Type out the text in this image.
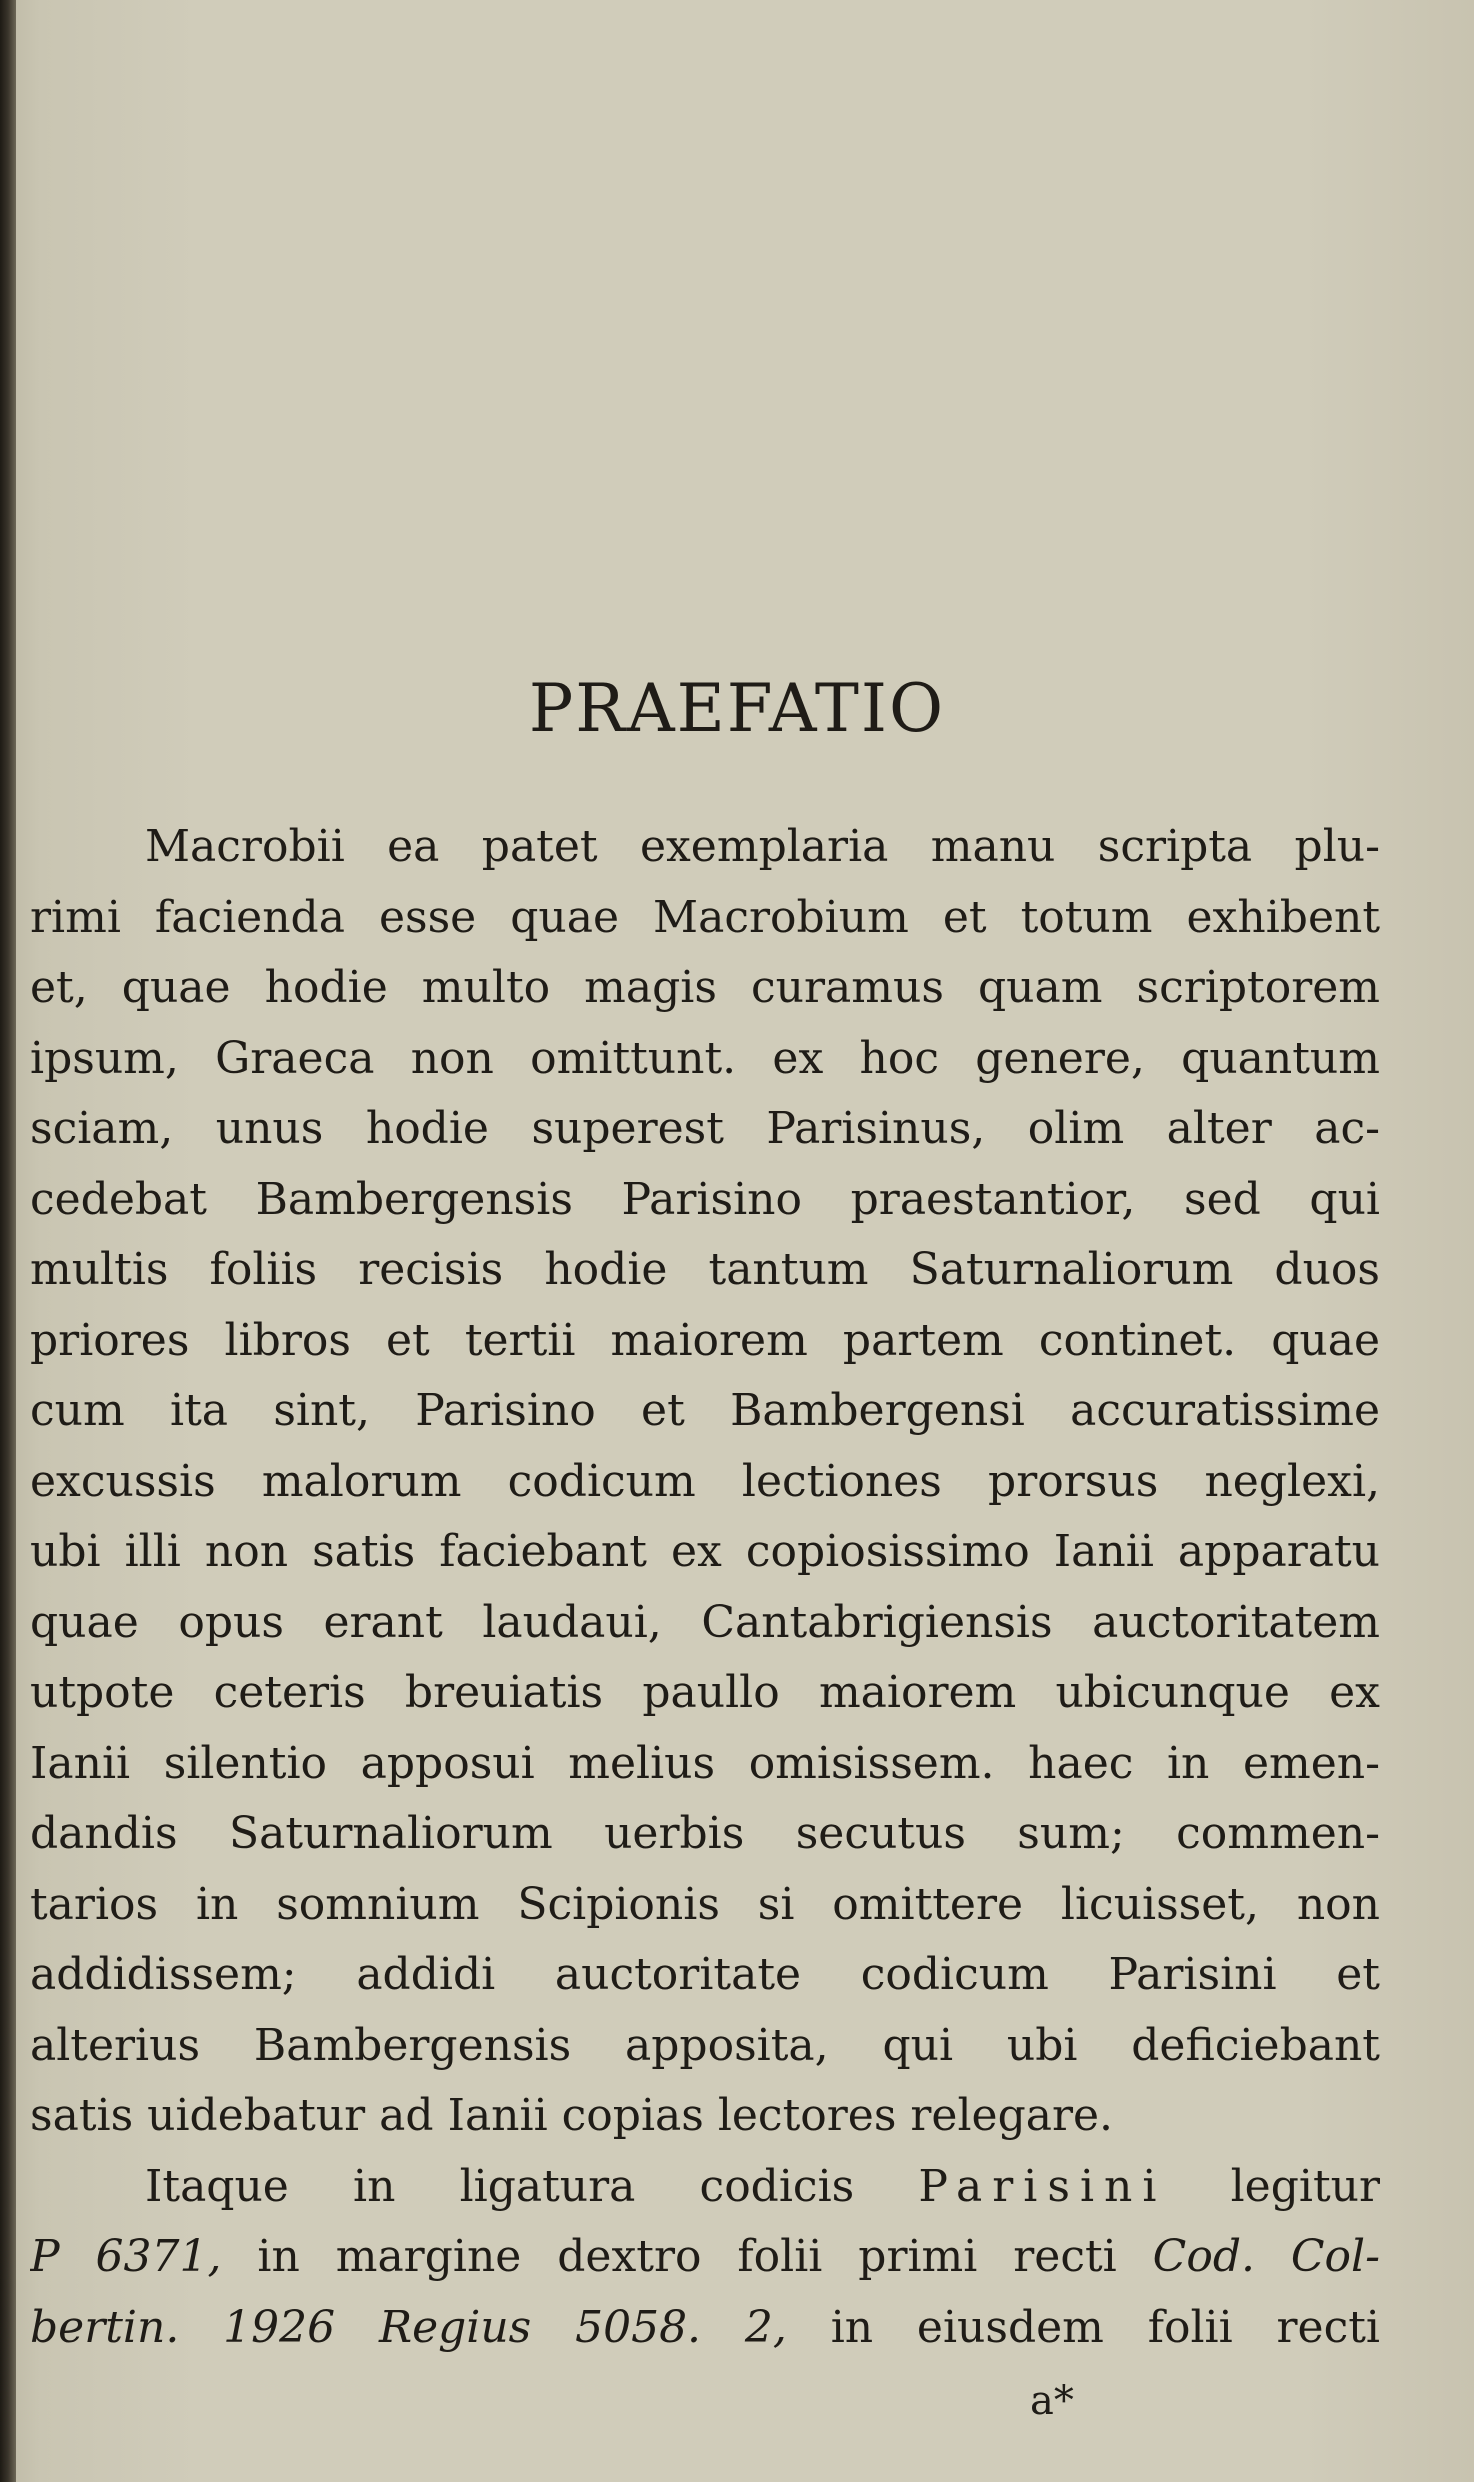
PRAEFATIO
Macrobii ea patet exemplaria manu scripta plu-
rimi facienda esse quae Macrobium et totum exhibent
et, quae hodie multo magis curamus quam scriptorem
ipsum, Graeca non omittunt. ex hoc genere, quantum
sciam, unus hodie superest Parisinus, olim alter ac-
cedebat Bambergensis Parisino praestantior, sed qui
multis foliis recisis hodie tantum Saturnaliorum duos
priores libros et tertii maiorem partem continet. quae
cum ita sint, Parisino et Bambergensi accuratissime
excussis malorum codicum lectiones prorsus neglexi,
ubi illi non satis faciebant ex copiosissimo Ianii apparatu
quae opus erant laudaui, Cantabrigiensis auctoritatem
utpote ceteris breuiatis paullo maiorem ubicunque ex
Ianii silentio apposui melius omisissem. haec in emen-
dandis Saturnaliorum uerbis secutus sum; commen-
tarios in somnium Scipionis si omittere licuisset, non
addidissem; addidi auctoritate codicum Parisini et
alterius Bambergensis apposita, qui ubi deficiebant
satis uidebatur ad Ianii copias lectores relegare.
Itaque in ligatura codicis Parisini legitur
P 6371, in margine dextro folii primi recti Cod. Col-
bertin. 1926 Regius 5058. 2, in eiusdem folii recti
a*
